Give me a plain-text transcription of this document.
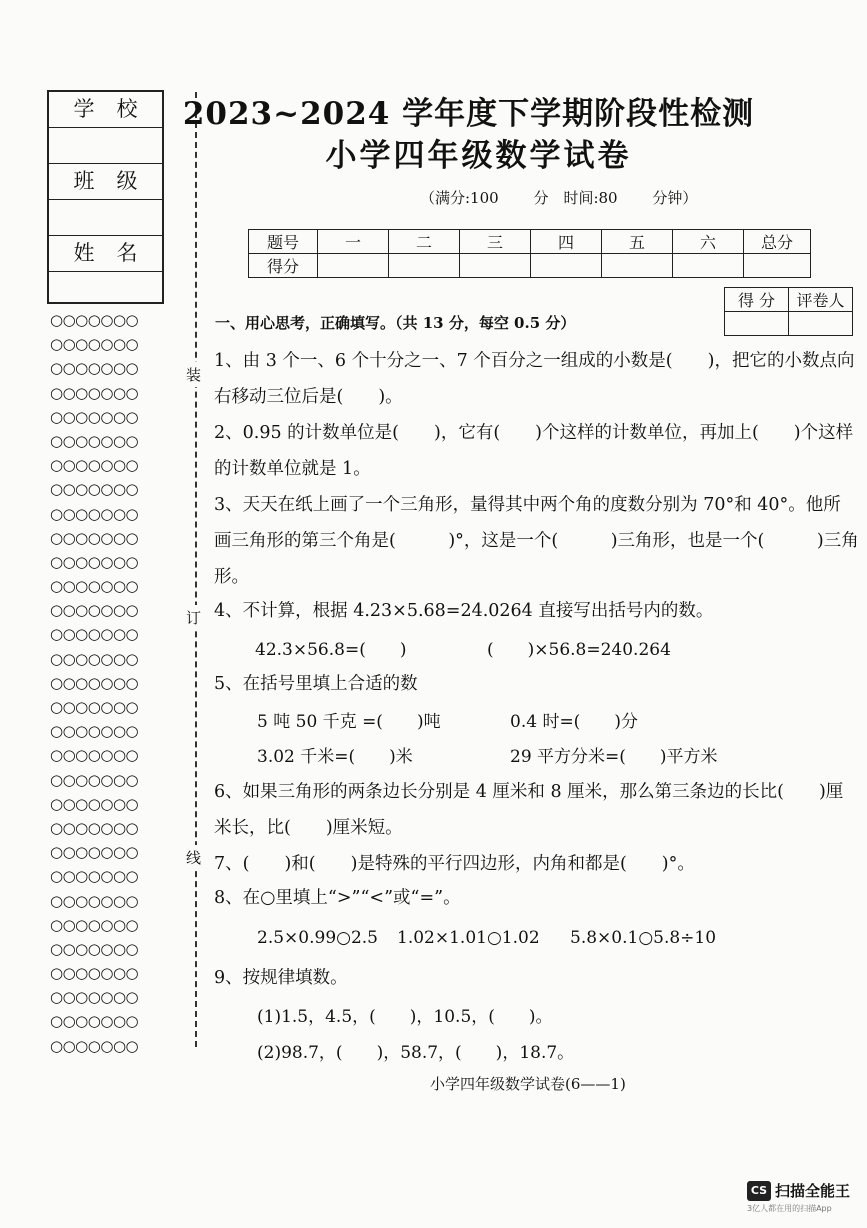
学校
班级
姓名
○○○○○○○
○○○○○○○
○○○○○○○
○○○○○○○
○○○○○○○
○○○○○○○
○○○○○○○
○○○○○○○
○○○○○○○
○○○○○○○
○○○○○○○
○○○○○○○
○○○○○○○
○○○○○○○
○○○○○○○
○○○○○○○
○○○○○○○
○○○○○○○
○○○○○○○
○○○○○○○
○○○○○○○
○○○○○○○
○○○○○○○
○○○○○○○
○○○○○○○
○○○○○○○
○○○○○○○
○○○○○○○
○○○○○○○
○○○○○○○
○○○○○○○
装
订
线
2023~2024 学年度下学期阶段性检测
小学四年级数学试卷
（满分:100 分　时间:80 分钟）
题号	一	二	三	四	五	六	总分
得分							
得 分	评卷人

一、用心思考，正确填写。（共 13 分，每空 0.5 分）
1、由 3 个一、6 个十分之一、7 个百分之一组成的小数是(　　)，把它的小数点向
右移动三位后是(　　)。
2、0.95 的计数单位是(　　)，它有(　　)个这样的计数单位，再加上(　　)个这样
的计数单位就是 1。
3、天天在纸上画了一个三角形，量得其中两个角的度数分别为 70°和 40°。他所
画三角形的第三个角是(　　　)°，这是一个(　　　)三角形，也是一个(　　　)三角
形。
4、不计算，根据 4.23×5.68=24.0264 直接写出括号内的数。
42.3×56.8=(　　)	(　　)×56.8=240.264
5、在括号里填上合适的数
5 吨 50 千克 =(　　)吨	0.4 时=(　　)分
3.02 千米=(　　)米	29 平方分米=(　　)平方米
6、如果三角形的两条边长分别是 4 厘米和 8 厘米，那么第三条边的长比(　　)厘
米长，比(　　)厘米短。
7、(　　)和(　　)是特殊的平行四边形，内角和都是(　　)°。
8、在○里填上“>”“<”或“=”。
2.5×0.99○2.5 1.02×1.01○1.02 5.8×0.1○5.8÷10
9、按规律填数。
(1)1.5，4.5，(　　)，10.5，(　　)。
(2)98.7，(　　)，58.7，(　　)，18.7。
小学四年级数学试卷(6——1)
CS 扫描全能王
3亿人都在用的扫描App
